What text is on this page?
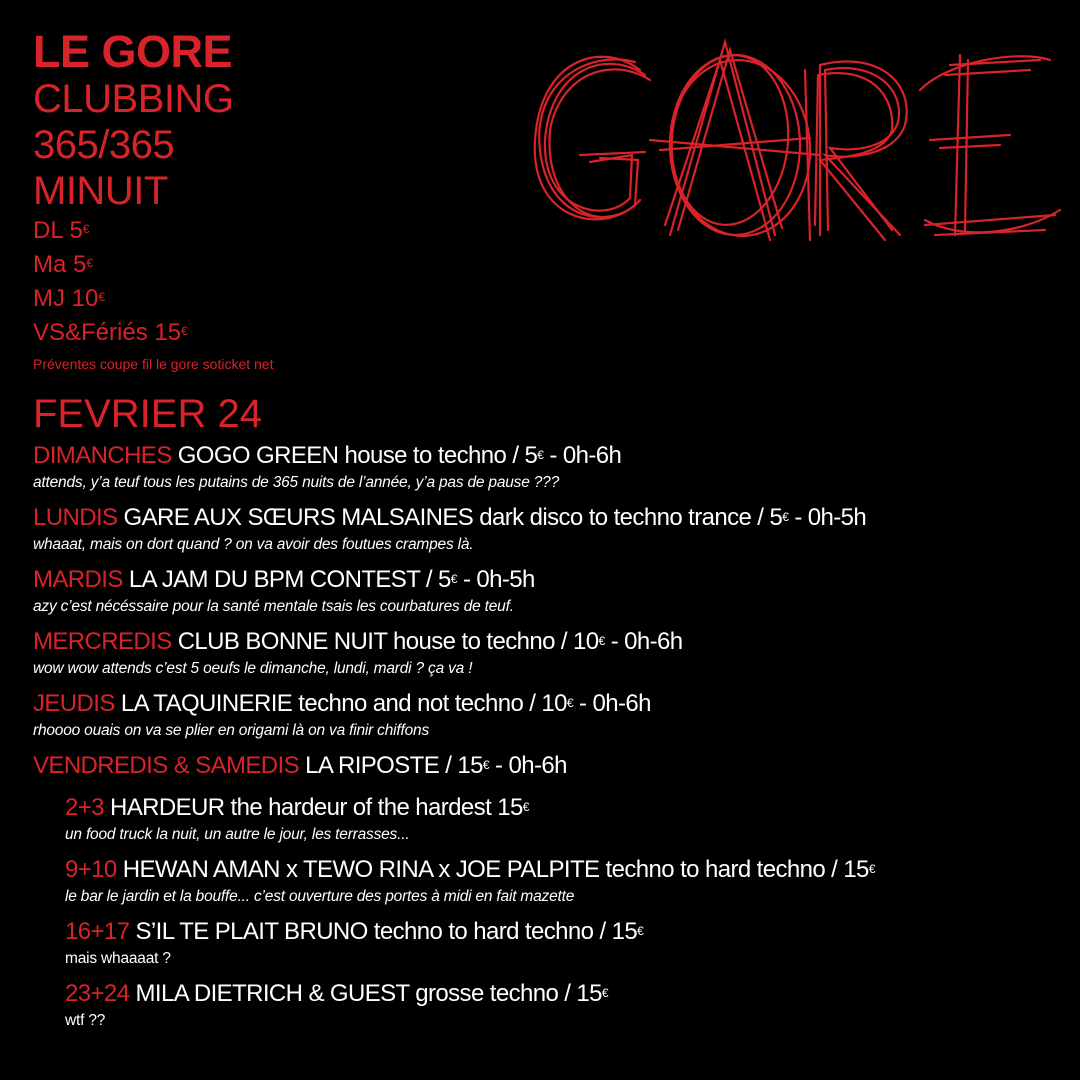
LE GORE
CLUBBING
365/365
MINUIT
DL 5€
Ma 5€
MJ 10€
VS&Fériés 15€
Préventes coupe fil le gore soticket net
FEVRIER 24
DIMANCHES GOGO GREEN house to techno / 5€ - 0h-6h
attends, y’a teuf tous les putains de 365 nuits de l’année, y’a pas de pause ???
LUNDIS GARE AUX SŒURS MALSAINES dark disco to techno trance / 5€ - 0h-5h
whaaat, mais on dort quand ? on va avoir des foutues crampes là.
MARDIS LA JAM DU BPM CONTEST / 5€ - 0h-5h
azy c’est nécéssaire pour la santé mentale tsais les courbatures de teuf.
MERCREDIS CLUB BONNE NUIT house to techno / 10€ - 0h-6h
wow wow attends c’est 5 oeufs le dimanche, lundi, mardi ? ça va !
JEUDIS LA TAQUINERIE techno and not techno / 10€ - 0h-6h
rhoooo ouais on va se plier en origami là on va finir chiffons
VENDREDIS & SAMEDIS LA RIPOSTE / 15€ - 0h-6h
2+3 HARDEUR the hardeur of the hardest 15€
un food truck la nuit, un autre le jour, les terrasses...
9+10 HEWAN AMAN x TEWO RINA x JOE PALPITE techno to hard techno / 15€
le bar le jardin et la bouffe... c’est ouverture des portes à midi en fait mazette
16+17 S’IL TE PLAIT BRUNO techno to hard techno / 15€
mais whaaaat ?
23+24 MILA DIETRICH & GUEST grosse techno / 15€
wtf ??
